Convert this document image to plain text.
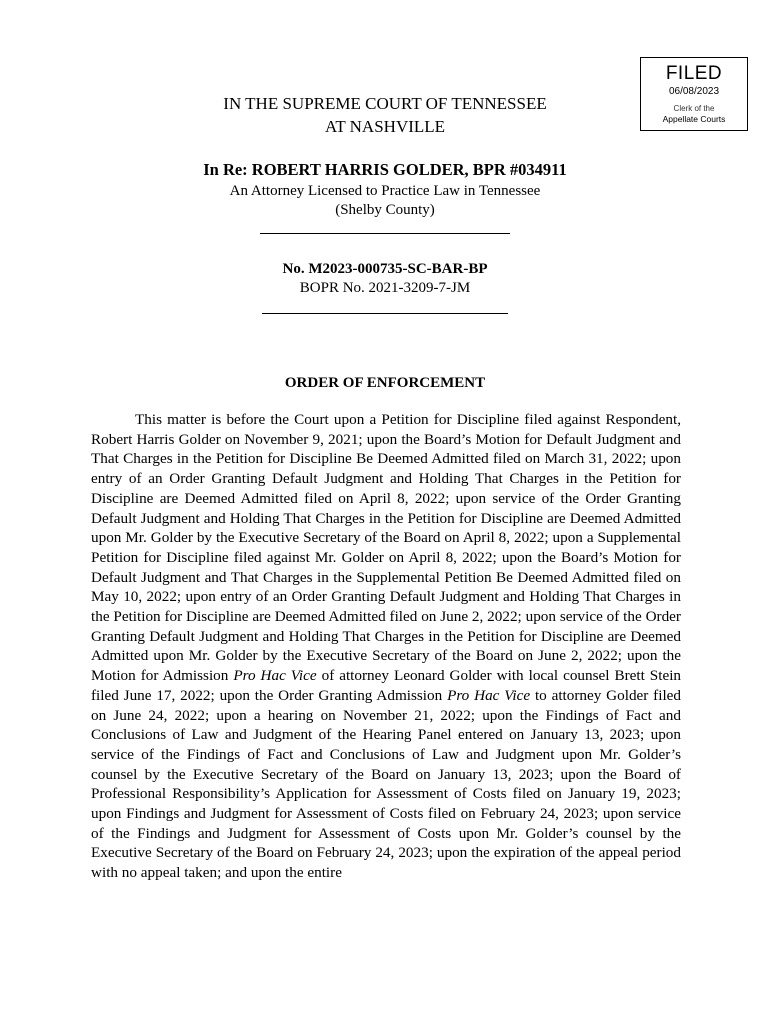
FILED
06/08/2023
Clerk of the
Appellate Courts
IN THE SUPREME COURT OF TENNESSEE
AT NASHVILLE
In Re: ROBERT HARRIS GOLDER, BPR #034911
An Attorney Licensed to Practice Law in Tennessee
(Shelby County)
No. M2023-000735-SC-BAR-BP
BOPR No. 2021-3209-7-JM
ORDER OF ENFORCEMENT

This matter is before the Court upon a Petition for Discipline filed against Respondent, Robert Harris Golder on November 9, 2021; upon the Board’s Motion for Default Judgment and That Charges in the Petition for Discipline Be Deemed Admitted filed on March 31, 2022; upon entry of an Order Granting Default Judgment and Holding That Charges in the Petition for Discipline are Deemed Admitted filed on April 8, 2022; upon service of the Order Granting Default Judgment and Holding That Charges in the Petition for Discipline are Deemed Admitted upon Mr. Golder by the Executive Secretary of the Board on April 8, 2022; upon a Supplemental Petition for Discipline filed against Mr. Golder on April 8, 2022; upon the Board’s Motion for Default Judgment and That Charges in the Supplemental Petition Be Deemed Admitted filed on May 10, 2022; upon entry of an Order Granting Default Judgment and Holding That Charges in the Petition for Discipline are Deemed Admitted filed on June 2, 2022; upon service of the Order Granting Default Judgment and Holding That Charges in the Petition for Discipline are Deemed Admitted upon Mr. Golder by the Executive Secretary of the Board on June 2, 2022; upon the Motion for Admission Pro Hac Vice of attorney Leonard Golder with local counsel Brett Stein filed June 17, 2022; upon the Order Granting Admission Pro Hac Vice to attorney Golder filed on June 24, 2022; upon a hearing on November 21, 2022; upon the Findings of Fact and Conclusions of Law and Judgment of the Hearing Panel entered on January 13, 2023; upon service of the Findings of Fact and Conclusions of Law and Judgment upon Mr. Golder’s counsel by the Executive Secretary of the Board on January 13, 2023; upon the Board of Professional Responsibility’s Application for Assessment of Costs filed on January 19, 2023; upon Findings and Judgment for Assessment of Costs filed on February 24, 2023; upon service of the Findings and Judgment for Assessment of Costs upon Mr. Golder’s counsel by the Executive Secretary of the Board on February 24, 2023; upon the expiration of the appeal period with no appeal taken; and upon the entire
